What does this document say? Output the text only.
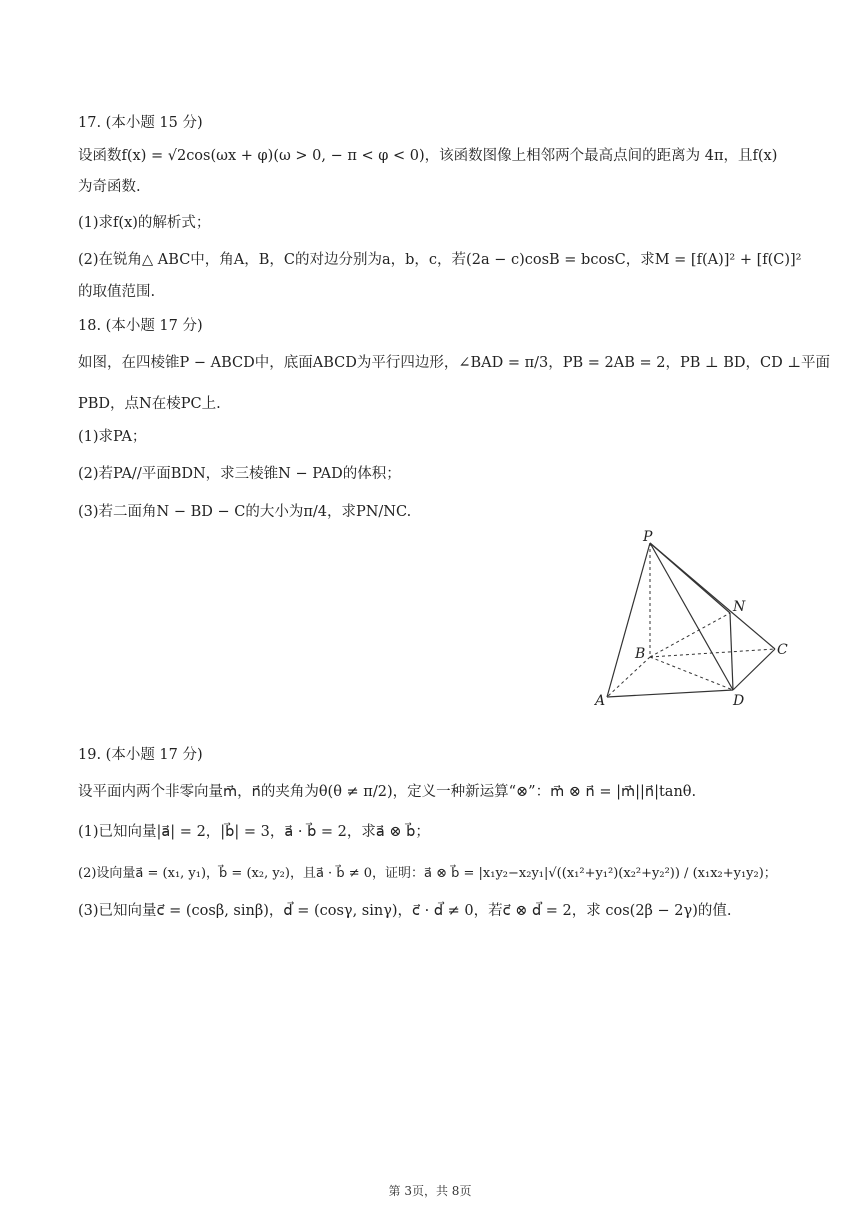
17. (本小题 15 分)
设函数f(x) = √2cos(ωx + φ)(ω > 0, − π < φ < 0)，该函数图像上相邻两个最高点间的距离为 4π，且f(x)
为奇函数.
(1)求f(x)的解析式；
(2)在锐角△ ABC中，角A，B，C的对边分别为a，b，c，若(2a − c)cosB = bcosC，求M = [f(A)]² + [f(C)]²
的取值范围.
18. (本小题 17 分)
如图，在四棱锥P − ABCD中，底面ABCD为平行四边形，∠BAD = π/3，PB = 2AB = 2，PB ⊥ BD，CD ⊥平面
PBD，点N在棱PC上.
(1)求PA；
(2)若PA//平面BDN，求三棱锥N − PAD的体积；
(3)若二面角N − BD − C的大小为π/4，求PN/NC.
P
N
B	C
A	D
19. (本小题 17 分)
设平面内两个非零向量m⃗，n⃗的夹角为θ(θ ≠ π/2)，定义一种新运算“⊗”：m⃗ ⊗ n⃗ = |m⃗||n⃗|tanθ.
(1)已知向量|a⃗| = 2，|b⃗| = 3，a⃗ · b⃗ = 2，求a⃗ ⊗ b⃗；
(2)设向量a⃗ = (x₁, y₁)，b⃗ = (x₂, y₂)，且a⃗ · b⃗ ≠ 0，证明：a⃗ ⊗ b⃗ = |x₁y₂−x₂y₁|√((x₁²+y₁²)(x₂²+y₂²)) / (x₁x₂+y₁y₂)；
(3)已知向量c⃗ = (cosβ, sinβ)，d⃗ = (cosγ, sinγ)，c⃗ · d⃗ ≠ 0，若c⃗ ⊗ d⃗ = 2，求 cos(2β − 2γ)的值.
第 3页，共 8页
